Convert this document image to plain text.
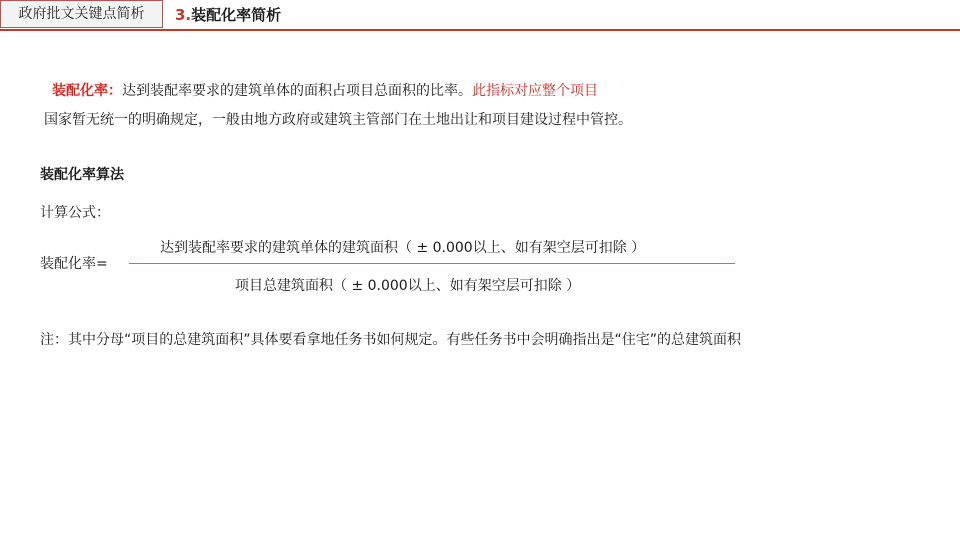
政府批文关键点简析	3.装配化率简析
装配化率：达到装配率要求的建筑单体的面积占项目总面积的比率。此指标对应整个项目
国家暂无统一的明确规定，一般由地方政府或建筑主管部门在土地出让和项目建设过程中管控。
装配化率算法
计算公式：
达到装配率要求的建筑单体的建筑面积（ ± 0.000以上、如有架空层可扣除 ）
装配化率=
项目总建筑面积（ ± 0.000以上、如有架空层可扣除 ）
注：其中分母“项目的总建筑面积”具体要看拿地任务书如何规定。有些任务书中会明确指出是“住宅”的总建筑面积
